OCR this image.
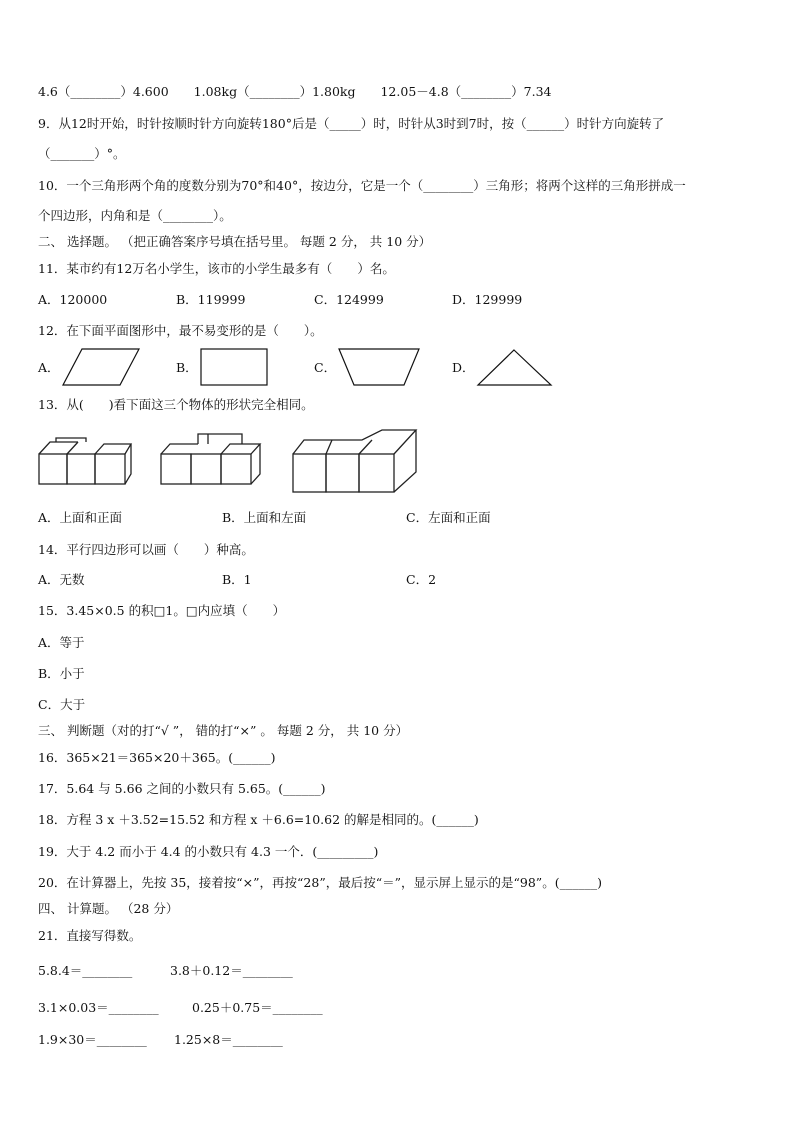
4.6（________）4.600　　1.08kg（________）1.80kg　　12.05－4.8（________）7.34
9．从12时开始，时针按顺时针方向旋转180°后是（_____）时，时针从3时到7时，按（______）时针方向旋转了
（_______）°。
10．一个三角形两个角的度数分别为70°和40°，按边分，它是一个（________）三角形；将两个这样的三角形拼成一
个四边形，内角和是（________）。
二、 选择题。 （把正确答案序号填在括号里。 每题 2 分， 共 10 分）
11．某市约有12万名小学生，该市的小学生最多有（　　）名。
A．120000	B．119999	C．124999	D．129999
12．在下面平面图形中，最不易变形的是（　　）。
A．	B．	C．	D．
13．从(　　)看下面这三个物体的形状完全相同。
A．上面和正面	B．上面和左面	C．左面和正面
14．平行四边形可以画（　　）种高。
A．无数	B．1	C．2
15．3.45×0.5 的积□1。□内应填（　　）
A．等于
B．小于
C．大于
三、 判断题（对的打“√ ”， 错的打“×” 。 每题 2 分， 共 10 分）
16．365×21＝365×20＋365。(______)
17．5.64 与 5.66 之间的小数只有 5.65。(______)
18．方程 3 x ＋3.52=15.52 和方程 x ＋6.6=10.62 的解是相同的。(______)
19．大于 4.2 而小于 4.4 的小数只有 4.3 一个．(_________)
20．在计算器上，先按 35，接着按“×”，再按“28”，最后按“＝”，显示屏上显示的是“98”。(______)
四、 计算题。 （28 分）
21．直接写得数。
5.8.4＝________	3.8＋0.12＝________
3.1×0.03＝________	0.25＋0.75＝________
1.9×30＝________ 1.25×8＝________
